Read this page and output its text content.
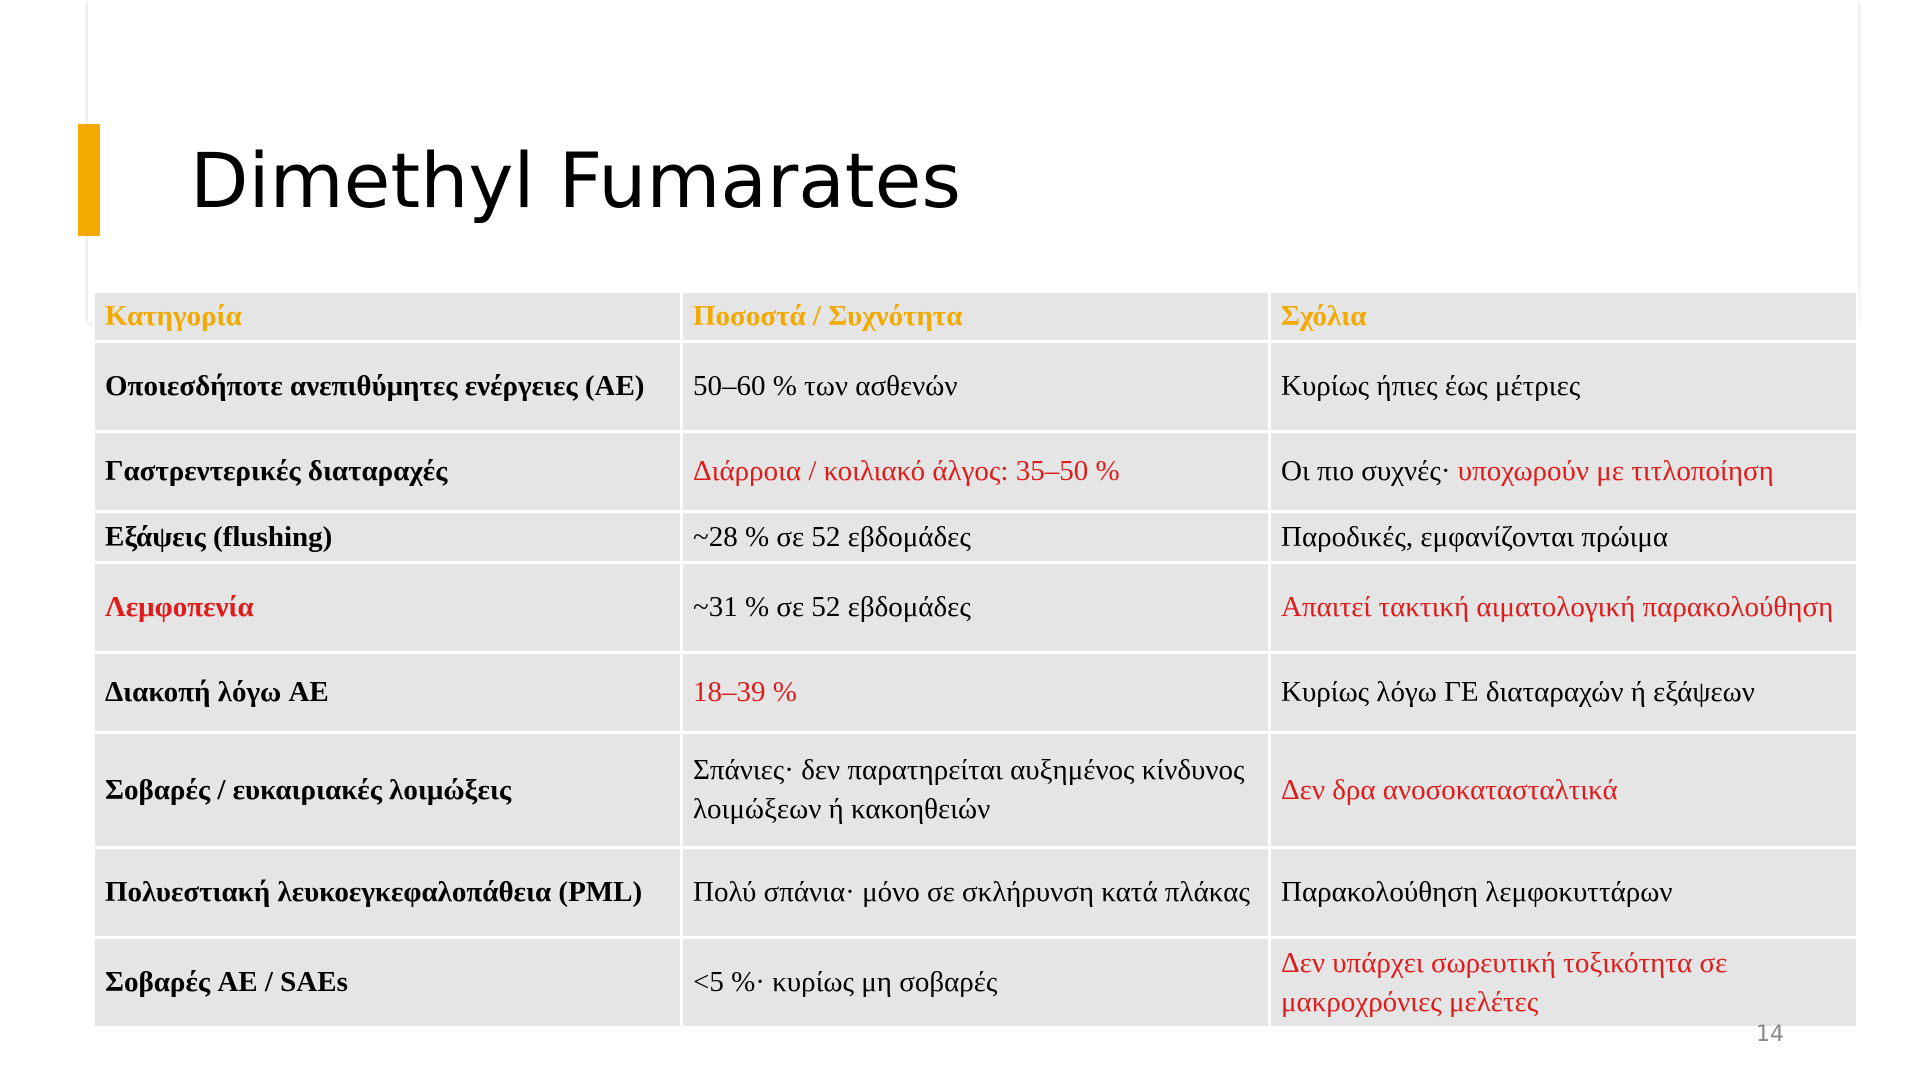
Dimethyl Fumarates
Κατηγορία	Ποσοστά / Συχνότητα	Σχόλια
Οποιεσδήποτε ανεπιθύμητες ενέργειες (AE)	50–60 % των ασθενών	Κυρίως ήπιες έως μέτριες
Γαστρεντερικές διαταραχές	Διάρροια / κοιλιακό άλγος: 35–50 %	Οι πιο συχνές· υποχωρούν με τιτλοποίηση
Εξάψεις (flushing)	~28 % σε 52 εβδομάδες	Παροδικές, εμφανίζονται πρώιμα
Λεμφοπενία	~31 % σε 52 εβδομάδες	Απαιτεί τακτική αιματολογική παρακολούθηση
Διακοπή λόγω AE	18–39 %	Κυρίως λόγω ΓΕ διαταραχών ή εξάψεων
Σοβαρές / ευκαιριακές λοιμώξεις	Σπάνιες· δεν παρατηρείται αυξημένος κίνδυνος λοιμώξεων ή κακοηθειών	Δεν δρα ανοσοκατασταλτικά
Πολυεστιακή λευκοεγκεφαλοπάθεια (PML)	Πολύ σπάνια· μόνο σε σκλήρυνση κατά πλάκας	Παρακολούθηση λεμφοκυττάρων
Σοβαρές AE / SAEs	<5 %· κυρίως μη σοβαρές	Δεν υπάρχει σωρευτική τοξικότητα σε μακροχρόνιες μελέτες
14
